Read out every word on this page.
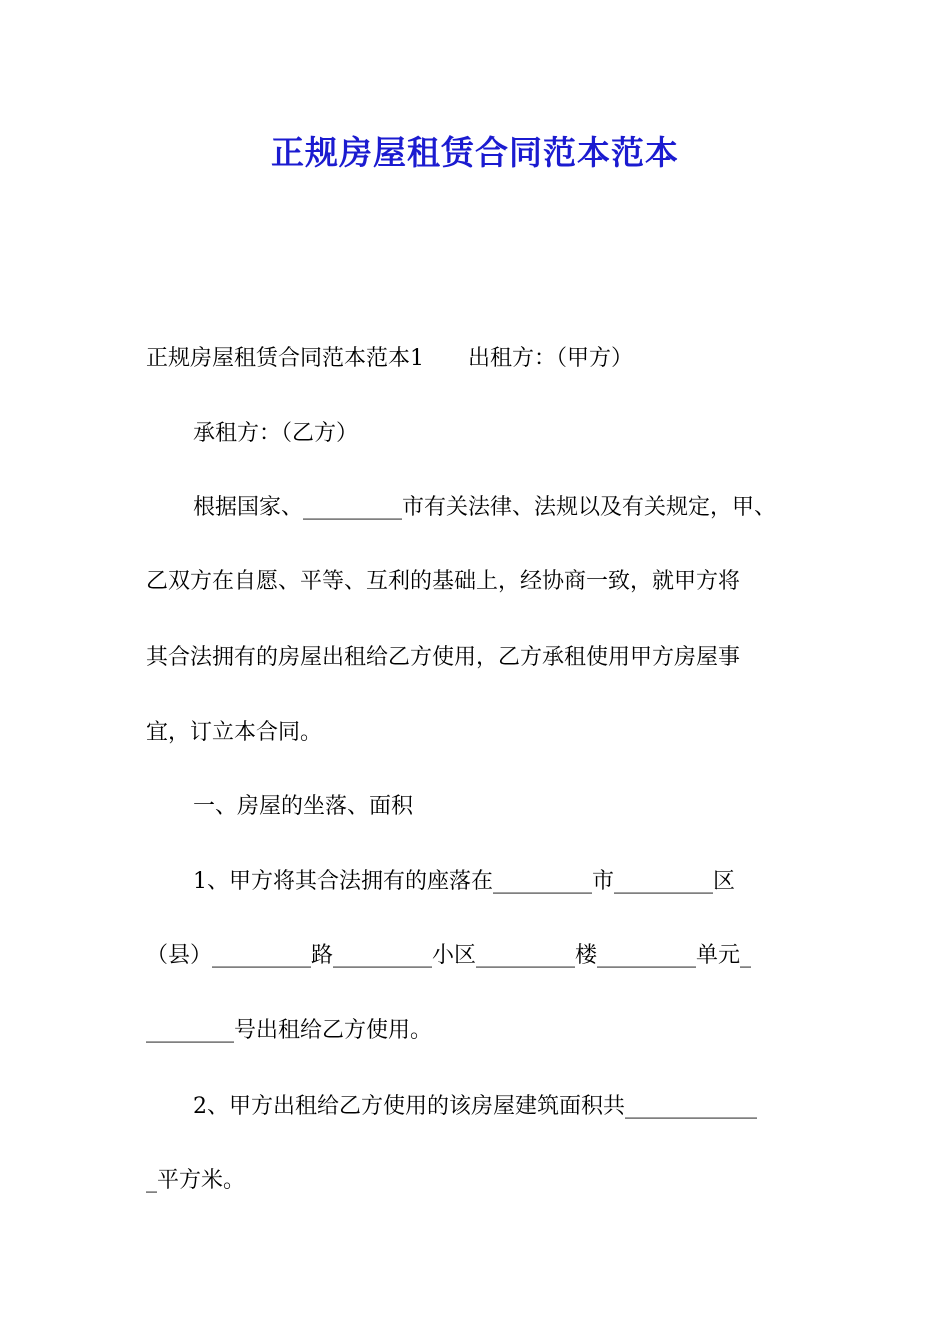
正规房屋租赁合同范本范本
正规房屋租赁合同范本范本1　　出租方：（甲方）
承租方：（乙方）
根据国家、_________市有关法律、法规以及有关规定，甲、
乙双方在自愿、平等、互利的基础上，经协商一致，就甲方将
其合法拥有的房屋出租给乙方使用，乙方承租使用甲方房屋事
宜，订立本合同。
一、房屋的坐落、面积
1、甲方将其合法拥有的座落在_________市_________区
（县）_________路_________小区_________楼_________单元_
________号出租给乙方使用。
2、甲方出租给乙方使用的该房屋建筑面积共____________
_平方米。
